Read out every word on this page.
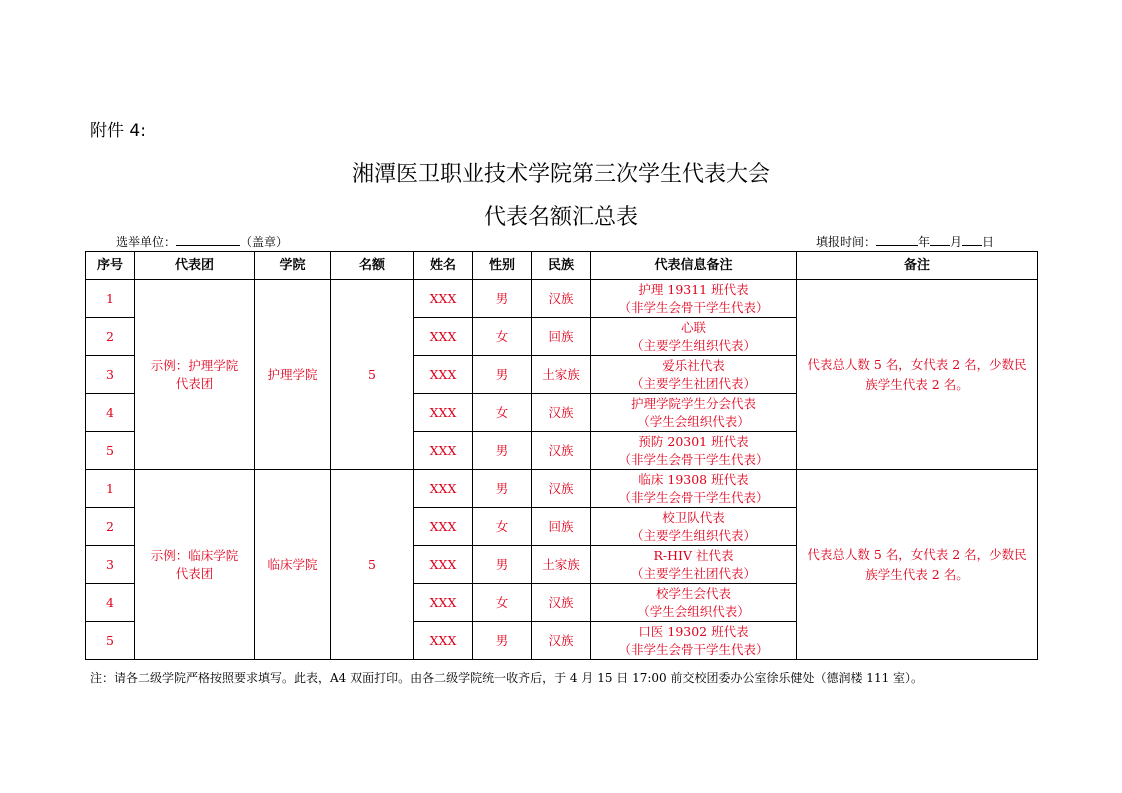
附件 4:
湘潭医卫职业技术学院第三次学生代表大会
代表名额汇总表
选举单位：	（盖章）	填报时间：	年 月 日
序号	代表团	学院	名额	姓名	性别	民族	代表信息备注	备注
1	示例：护理学院代表团	护理学院	5	XXX	男	汉族	护理 19311 班代表
（非学生会骨干学生代表）	代表总人数 5 名，女代表 2 名，少数民族学生代表 2 名。
2				XXX	女	回族	心联
（主要学生组织代表）	

3				XXX	男	土家族	爱乐社代表
（主要学生社团代表）	

4				XXX	女	汉族	护理学院学生分会代表
（学生会组织代表）	

5				XXX	男	汉族	预防 20301 班代表
（非学生会骨干学生代表）	

1	示例：临床学院代表团	临床学院	5	XXX	男	汉族	临床 19308 班代表
（非学生会骨干学生代表）	代表总人数 5 名，女代表 2 名，少数民族学生代表 2 名。
2				XXX	女	回族	校卫队代表
（主要学生组织代表）	

3				XXX	男	土家族	R-HIV 社代表
（主要学生社团代表）	

4				XXX	女	汉族	校学生会代表
（学生会组织代表）	

5				XXX	男	汉族	口医 19302 班代表
（非学生会骨干学生代表）	
注：请各二级学院严格按照要求填写。此表，A4 双面打印。由各二级学院统一收齐后，于 4 月 15 日 17:00 前交校团委办公室徐乐健处（德润楼 111 室）。
